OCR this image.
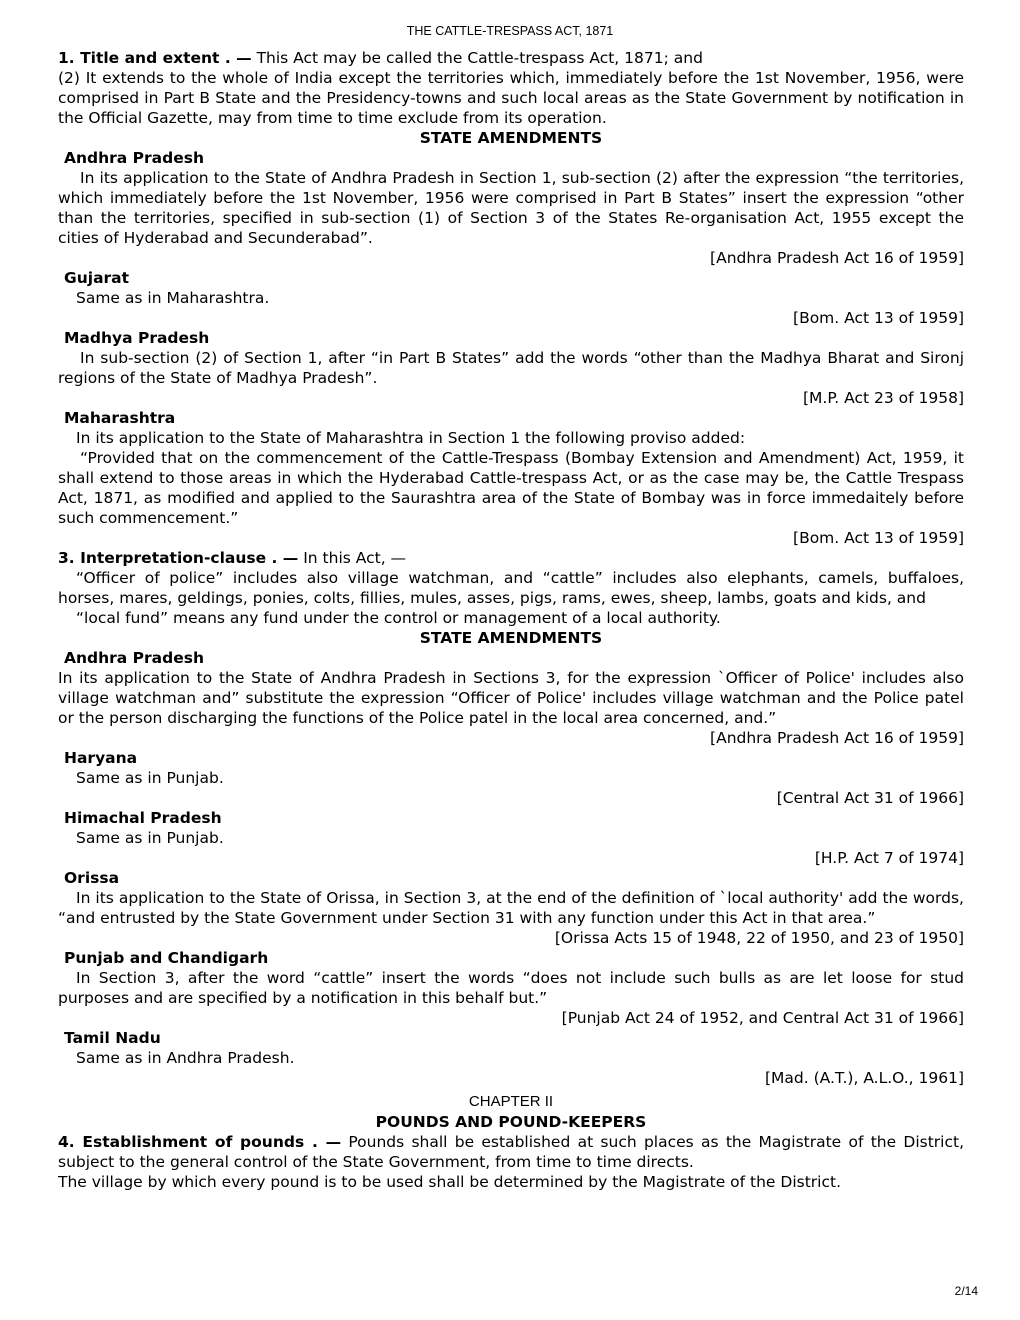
THE CATTLE-TRESPASS ACT, 1871

1. Title and extent . — This Act may be called the Cattle-trespass Act, 1871; and

(2) It extends to the whole of India except the territories which, immediately before the 1st November, 1956, were comprised in Part B State and the Presidency-towns and such local areas as the State Government by notification in the Official Gazette, may from time to time exclude from its operation.

STATE AMENDMENTS

Andhra Pradesh

In its application to the State of Andhra Pradesh in Section 1, sub-section (2) after the expression “the territories, which immediately before the 1st November, 1956 were comprised in Part B States” insert the expression “other than the territories, specified in sub-section (1) of Section 3 of the States Re-organisation Act, 1955 except the cities of Hyderabad and Secunderabad”.

[Andhra Pradesh Act 16 of 1959]

Gujarat

Same as in Maharashtra.

[Bom. Act 13 of 1959]

Madhya Pradesh

In sub-section (2) of Section 1, after “in Part B States” add the words “other than the Madhya Bharat and Sironj regions of the State of Madhya Pradesh”.

[M.P. Act 23 of 1958]

Maharashtra

In its application to the State of Maharashtra in Section 1 the following proviso added:

“Provided that on the commencement of the Cattle-Trespass (Bombay Extension and Amendment) Act, 1959, it shall extend to those areas in which the Hyderabad Cattle-trespass Act, or as the case may be, the Cattle Trespass Act, 1871, as modified and applied to the Saurashtra area of the State of Bombay was in force immedaitely before such commencement.”

[Bom. Act 13 of 1959]

3. Interpretation-clause . — In this Act, —

“Officer of police” includes also village watchman, and “cattle” includes also elephants, camels, buffaloes, horses, mares, geldings, ponies, colts, fillies, mules, asses, pigs, rams, ewes, sheep, lambs, goats and kids, and

“local fund” means any fund under the control or management of a local authority.

STATE AMENDMENTS

Andhra Pradesh

In its application to the State of Andhra Pradesh in Sections 3, for the expression `Officer of Police' includes also village watchman and” substitute the expression “Officer of Police' includes village watchman and the Police patel or the person discharging the functions of the Police patel in the local area concerned, and.”

[Andhra Pradesh Act 16 of 1959]

Haryana

Same as in Punjab.

[Central Act 31 of 1966]

Himachal Pradesh

Same as in Punjab.

[H.P. Act 7 of 1974]

Orissa

In its application to the State of Orissa, in Section 3, at the end of the definition of `local authority' add the words, “and entrusted by the State Government under Section 31 with any function under this Act in that area.”

[Orissa Acts 15 of 1948, 22 of 1950, and 23 of 1950]

Punjab and Chandigarh

In Section 3, after the word “cattle” insert the words “does not include such bulls as are let loose for stud purposes and are specified by a notification in this behalf but.”

[Punjab Act 24 of 1952, and Central Act 31 of 1966]

Tamil Nadu

Same as in Andhra Pradesh.

[Mad. (A.T.), A.L.O., 1961]

CHAPTER II

POUNDS AND POUND-KEEPERS

4. Establishment of pounds . — Pounds shall be established at such places as the Magistrate of the District, subject to the general control of the State Government, from time to time directs.

The village by which every pound is to be used shall be determined by the Magistrate of the District.

2/14
